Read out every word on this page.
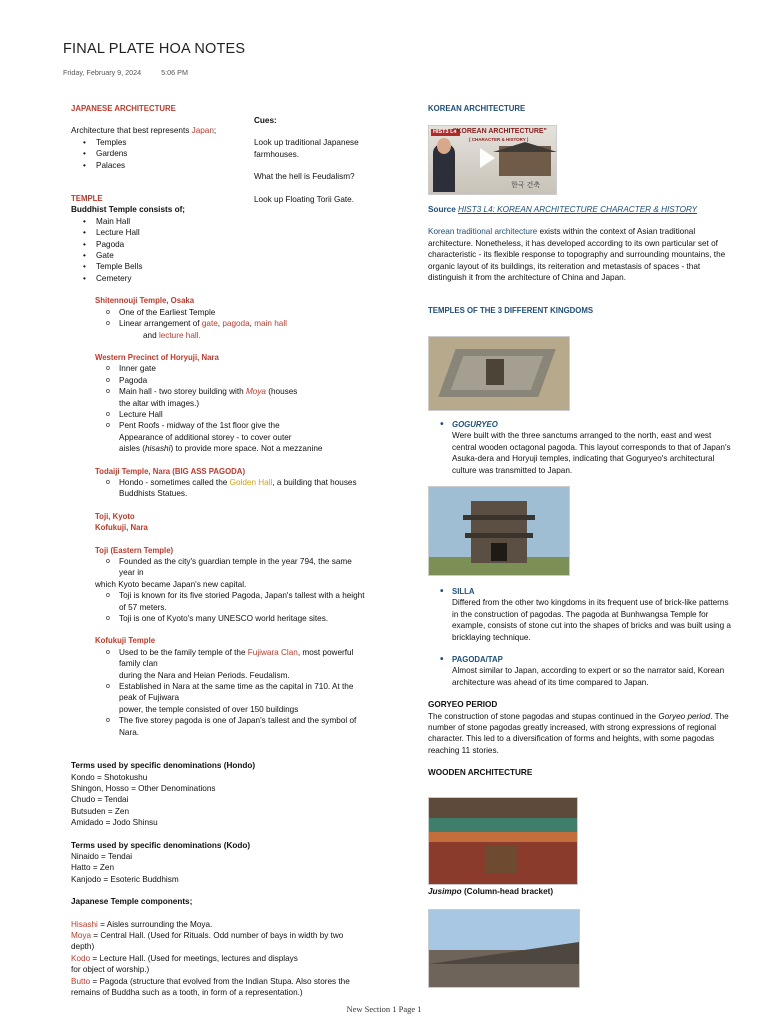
FINAL PLATE HOA NOTES
Friday, February 9, 2024	5:06 PM
JAPANESE ARCHITECTURE
Architecture that best represents Japan;
• Temples
• Gardens
• Palaces
TEMPLE
Buddhist Temple consists of;
• Main Hall
• Lecture Hall
• Pagoda
• Gate
• Temple Bells
• Cemetery
Shitennouji Temple, Osaka
o One of the Earliest Temple
o Linear arrangement of gate, pagoda, main hall
and lecture hall.
Western Precinct of Horyuji, Nara
o Inner gate
o Pagoda
o Main hall - two storey building with Moya (houses
the altar with images.)
o Lecture Hall
o Pent Roofs - midway of the 1st floor give the
Appearance of additional storey - to cover outer
aisles (hisashi) to provide more space. Not a mezzanine
Todaiji Temple, Nara (BIG ASS PAGODA)
o Hondo - sometimes called the Golden Hall, a building that houses
Buddhists Statues.
Toji, Kyoto
Kofukuji, Nara
Toji (Eastern Temple)
o Founded as the city's guardian temple in the year 794, the same
year in
which Kyoto became Japan's new capital.
o Toji is known for its five storied Pagoda, Japan's tallest with a height
of 57 meters.
o Toji is one of Kyoto's many UNESCO world heritage sites.
Kofukuji Temple
o Used to be the family temple of the Fujiwara Clan, most powerful
family clan
during the Nara and Heian Periods. Feudalism.
o Established in Nara at the same time as the capital in 710. At the
peak of Fujiwara
power, the temple consisted of over 150 buildings
o The five storey pagoda is one of Japan's tallest and the symbol of
Nara.
Terms used by specific denominations (Hondo)
Kondo = Shotokushu
Shingon, Hosso = Other Denominations
Chudo = Tendai
Butsuden = Zen
Amidado = Jodo Shinsu
Terms used by specific denominations (Kodo)
Ninaido = Tendai
Hatto = Zen
Kanjodo = Esoteric Buddhism
Japanese Temple components;
Hisashi = Aisles surrounding the Moya.
Moya = Central Hall. (Used for Rituals. Odd number of bays in width by two
depth)
Kodo = Lecture Hall. (Used for meetings, lectures and displays
for object of worship.)
Butto = Pagoda (structure that evolved from the Indian Stupa. Also stores the
remains of Buddha such as a tooth, in form of a representation.)
Cues:
Look up traditional Japanese
farmhouses.
What the hell is Feudalism?
Look up Floating Torii Gate.
KOREAN ARCHITECTURE
HIST3 L4:
"KOREAN ARCHITECTURE"
( CHARACTER & HISTORY )
한국 건축
Source HIST3 L4: KOREAN ARCHITECTURE CHARACTER & HISTORY
Korean traditional architecture exists within the context of Asian traditional
architecture. Nonetheless, it has developed according to its own particular set of
characteristic - its flexible response to topography and surrounding mountains, the
organic layout of its buildings, its reiteration and metastasis of spaces - that
distinguish it from the architecture of China and Japan.
TEMPLES OF THE 3 DIFFERENT KINGDOMS
• GOGURYEO
Were built with the three sanctums arranged to the north, east and west
central wooden octagonal pagoda. This layout corresponds to that of Japan's
Asuka-dera and Horyuji temples, indicating that Goguryeo's architectural
culture was transmitted to Japan.
• SILLA
Differed from the other two kingdoms in its frequent use of brick-like patterns
in the construction of pagodas. The pagoda at Bunhwangsa Temple for
example, consists of stone cut into the shapes of bricks and was built using a
bricklaying technique.
• PAGODA/TAP
Almost similar to Japan, according to expert or so the narrator said, Korean
architecture was ahead of its time compared to Japan.
GORYEO PERIOD
The construction of stone pagodas and stupas continued in the Goryeo period. The
number of stone pagodas greatly increased, with strong expressions of regional
character. This led to a diversification of forms and heights, with some pagodas
reaching 11 stories.
WOODEN ARCHITECTURE
Jusimpo (Column-head bracket)
New Section 1 Page 1
